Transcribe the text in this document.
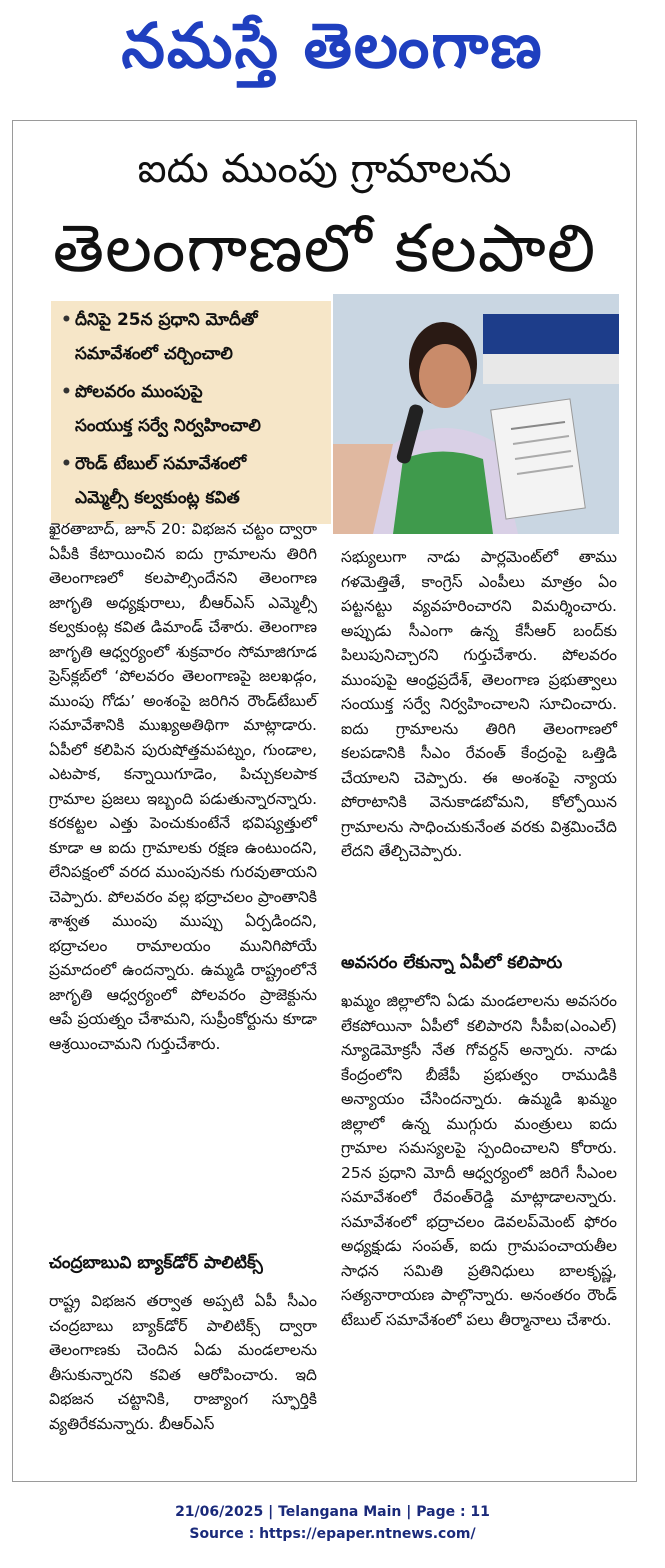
నమస్తే తెలంగాణ
ఐదు ముంపు గ్రామాలను
తెలంగాణలో కలపాలి
• దీనిపై 25న ప్రధాని మోదీతో
సమావేశంలో చర్చించాలి
• పోలవరం ముంపుపై
సంయుక్త సర్వే నిర్వహించాలి
• రౌండ్ టేబుల్ సమావేశంలో
ఎమ్మెల్సీ కల్వకుంట్ల కవిత

ఖైరతాబాద్, జూన్ 20: విభజన చట్టం ద్వారా ఏపీకి కేటాయించిన ఐదు గ్రామాలను తిరిగి తెలంగాణలో కలపాల్సిందేనని తెలంగాణ జాగృతి అధ్యక్షురాలు, బీఆర్ఎస్ ఎమ్మెల్సీ కల్వకుంట్ల కవిత డిమాండ్ చేశారు. తెలంగాణ జాగృతి ఆధ్వర్యంలో శుక్రవారం సోమాజిగూడ ప్రెస్‌క్లబ్‌లో ‘పోలవరం తెలంగాణపై జలఖడ్గం, ముంపు గోడు’ అంశంపై జరిగిన రౌండ్‌టేబుల్ సమావేశానికి ముఖ్యఅతిథిగా మాట్లాడారు. ఏపీలో కలిపిన పురుషోత్తమపట్నం, గుండాల, ఎటపాక, కన్నాయిగూడెం, పిచ్చుకలపాక గ్రామాల ప్రజలు ఇబ్బంది పడుతున్నారన్నారు. కరకట్టల ఎత్తు పెంచుకుంటేనే భవిష్యత్తులో కూడా ఆ ఐదు గ్రామాలకు రక్షణ ఉంటుందని, లేనిపక్షంలో వరద ముంపునకు గురవుతాయని చెప్పారు. పోలవరం వల్ల భద్రాచలం ప్రాంతానికి శాశ్వత ముంపు ముప్పు ఏర్పడిందని, భద్రాచలం రామాలయం మునిగిపోయే ప్రమాదంలో ఉందన్నారు. ఉమ్మడి రాష్ట్రంలోనే జాగృతి ఆధ్వర్యంలో పోలవరం ప్రాజెక్టును ఆపే ప్రయత్నం చేశామని, సుప్రీంకోర్టును కూడా ఆశ్రయించామని గుర్తుచేశారు.

చంద్రబాబువి బ్యాక్‌డోర్ పాలిటిక్స్

రాష్ట్ర విభజన తర్వాత అప్పటి ఏపీ సీఎం చంద్రబాబు బ్యాక్‌డోర్ పాలిటిక్స్ ద్వారా తెలంగాణకు చెందిన ఏడు మండలాలను తీసుకున్నారని కవిత ఆరోపించారు. ఇది విభజన చట్టానికి, రాజ్యాంగ స్ఫూర్తికి వ్యతిరేకమన్నారు. బీఆర్ఎస్

సభ్యులుగా నాడు పార్లమెంట్‌లో తాము గళమెత్తితే, కాంగ్రెస్ ఎంపీలు మాత్రం ఏం పట్టనట్టు వ్యవహరించారని విమర్శించారు. అప్పుడు సీఎంగా ఉన్న కేసీఆర్ బంద్‌కు పిలుపునిచ్చారని గుర్తుచేశారు. పోలవరం ముంపుపై ఆంధ్రప్రదేశ్, తెలంగాణ ప్రభుత్వాలు సంయుక్త సర్వే నిర్వహించాలని సూచించారు. ఐదు గ్రామాలను తిరిగి తెలంగాణలో కలపడానికి సీఎం రేవంత్ కేంద్రంపై ఒత్తిడి చేయాలని చెప్పారు. ఈ అంశంపై న్యాయ పోరాటానికి వెనుకాడబోమని, కోల్పోయిన గ్రామాలను సాధించుకునేంత వరకు విశ్రమించేది లేదని తేల్చిచెప్పారు.

అవసరం లేకున్నా ఏపీలో కలిపారు

ఖమ్మం జిల్లాలోని ఏడు మండలాలను అవసరం లేకపోయినా ఏపీలో కలిపారని సీపీఐ(ఎంఎల్) న్యూడెమోక్రసీ నేత గోవర్దన్ అన్నారు. నాడు కేంద్రంలోని బీజేపీ ప్రభుత్వం రాముడికి అన్యాయం చేసిందన్నారు. ఉమ్మడి ఖమ్మం జిల్లాలో ఉన్న ముగ్గురు మంత్రులు ఐదు గ్రామాల సమస్యలపై స్పందించాలని కోరారు. 25న ప్రధాని మోదీ ఆధ్వర్యంలో జరిగే సీఎంల సమావేశంలో రేవంత్‌రెడ్డి మాట్లాడాలన్నారు. సమావేశంలో భద్రాచలం డెవలప్‌మెంట్ ఫోరం అధ్యక్షుడు సంపత్, ఐదు గ్రామపంచాయతీల సాధన సమితి ప్రతినిధులు బాలకృష్ణ, సత్యనారాయణ పాల్గొన్నారు. అనంతరం రౌండ్ టేబుల్ సమావేశంలో పలు తీర్మానాలు చేశారు.

21/06/2025 | Telangana Main | Page : 11
Source : https://epaper.ntnews.com/
